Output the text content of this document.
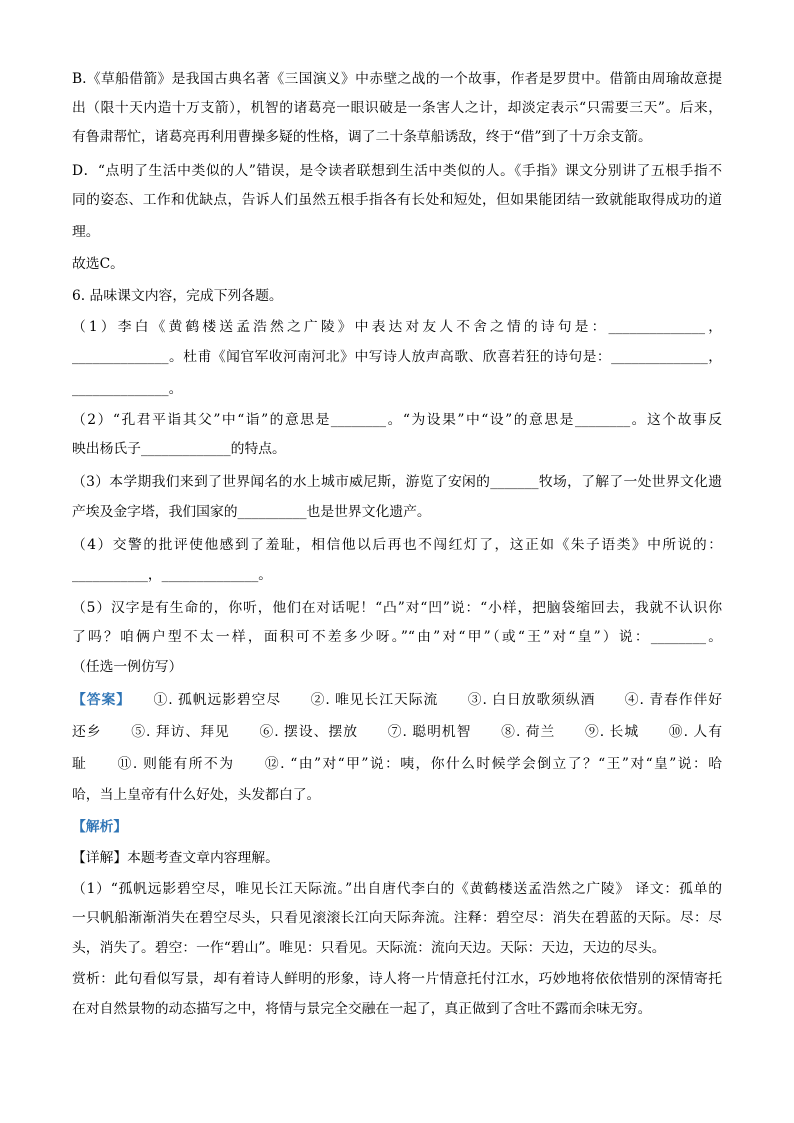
B.《草船借箭》是我国古典名著《三国演义》中赤壁之战的一个故事，作者是罗贯中。借箭由周瑜故意提
出（限十天内造十万支箭），机智的诸葛亮一眼识破是一条害人之计，却淡定表示“只需要三天”。后来，
有鲁肃帮忙，诸葛亮再利用曹操多疑的性格，调了二十条草船诱敌，终于“借”到了十万余支箭。
D．“点明了生活中类似的人”错误，是令读者联想到生活中类似的人。《手指》课文分别讲了五根手指不
同的姿态、工作和优缺点，告诉人们虽然五根手指各有长处和短处，但如果能团结一致就能取得成功的道
理。
故选C。
6. 品味课文内容，完成下列各题。
（1）李白《黄鹤楼送孟浩然之广陵》中表达对友人不舍之情的诗句是：______________，
______________。杜甫《闻官军收河南河北》中写诗人放声高歌、欣喜若狂的诗句是：______________，
______________。
（2）“孔君平诣其父”中“诣”的意思是________。“为设果”中“设”的意思是________。这个故事反
映出杨氏子_____________的特点。
（3）本学期我们来到了世界闻名的水上城市威尼斯，游览了安闲的_______牧场，了解了一处世界文化遗
产埃及金字塔，我们国家的__________也是世界文化遗产。
（4）交警的批评使他感到了羞耻，相信他以后再也不闯红灯了，这正如《朱子语类》中所说的：
___________，______________。
（5）汉字是有生命的，你听，他们在对话呢！“凸”对“凹”说：“小样，把脑袋缩回去，我就不认识你
了吗？咱俩户型不太一样，面积可不差多少呀。”“由”对“甲”（或“王”对“皇”）说：________。
（任选一例仿写）
【答案】　　①. 孤帆远影碧空尽　　②. 唯见长江天际流　　③. 白日放歌须纵酒　　④. 青春作伴好
还乡　　⑤. 拜访、拜见　　⑥. 摆设、摆放　　⑦. 聪明机智　　⑧. 荷兰　　⑨. 长城　　⑩. 人有
耻　　⑪. 则能有所不为　　⑫. “由”对“甲”说：咦，你什么时候学会倒立了？“王”对“皇”说：哈
哈，当上皇帝有什么好处，头发都白了。
【解析】
【详解】本题考查文章内容理解。
（1）“孤帆远影碧空尽，唯见长江天际流。”出自唐代李白的《黄鹤楼送孟浩然之广陵》 译文：孤单的
一只帆船渐渐消失在碧空尽头，只看见滚滚长江向天际奔流。注释：碧空尽：消失在碧蓝的天际。尽：尽
头，消失了。碧空：一作“碧山”。唯见：只看见。天际流：流向天边。天际：天边，天边的尽头。
赏析：此句看似写景，却有着诗人鲜明的形象，诗人将一片情意托付江水，巧妙地将依依惜别的深情寄托
在对自然景物的动态描写之中，将情与景完全交融在一起了，真正做到了含吐不露而余味无穷。
